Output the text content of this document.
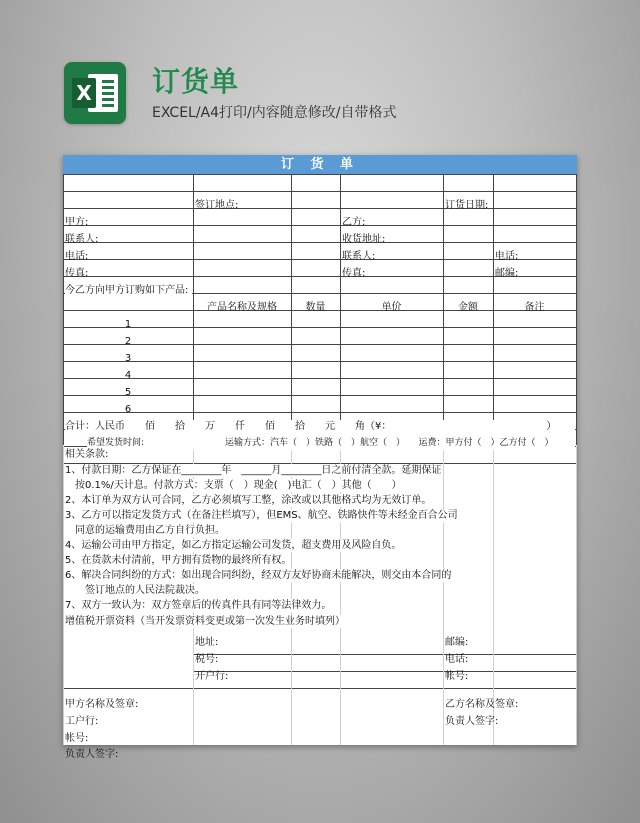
X 订货单
EXCEL/A4打印/内容随意修改/自带格式
订 货 单
签订地点:	订货日期:
甲方:	乙方:
联系人:	收货地址:
电话:	联系人:	电话:
传真:	传真:	邮编:
今乙方向甲方订购如下产品:
产品名称及规格	数量	单价	金额	备注
1
2
3
4
5
6
合计：人民币　　佰　　拾　　万　　仟　　佰　　拾　　元　　角（¥：　　　　　　　　　　　　　　　　）
希望发货时间:　　　　　　　　　运输方式：汽车（　）铁路（　）航空（　）　　运费：甲方付（　）乙方付（　）
相关条款:
1、付款日期：乙方保证在________年　______月________日之前付清全款。延期保证
　按0.1%/天计息。付款方式：支票（　）现金(　)电汇（　）其他（　　）
2、本订单为双方认可合同，乙方必须填写工整，涂改或以其他格式均为无效订单。
3、乙方可以指定发货方式（在备注栏填写），但EMS、航空、铁路快件等未经金百合公司
　同意的运输费用由乙方自行负担。
4、运输公司由甲方指定，如乙方指定运输公司发货，超支费用及风险自负。
5、在货款未付清前，甲方拥有货物的最终所有权。
6、解决合同纠纷的方式：如出现合同纠纷，经双方友好协商未能解决，则交由本合同的
　　签订地点的人民法院裁决。
7、双方一致认为：双方签章后的传真件具有同等法律效力。
增值税开票资料（当开发票资料变更或第一次发生业务时填列）
地址:	邮编:
税号:	电话:
开户行:	帐号:
甲方名称及签章:	乙方名称及签章:
工户行:	负责人签字:
帐号:
负责人签字:
